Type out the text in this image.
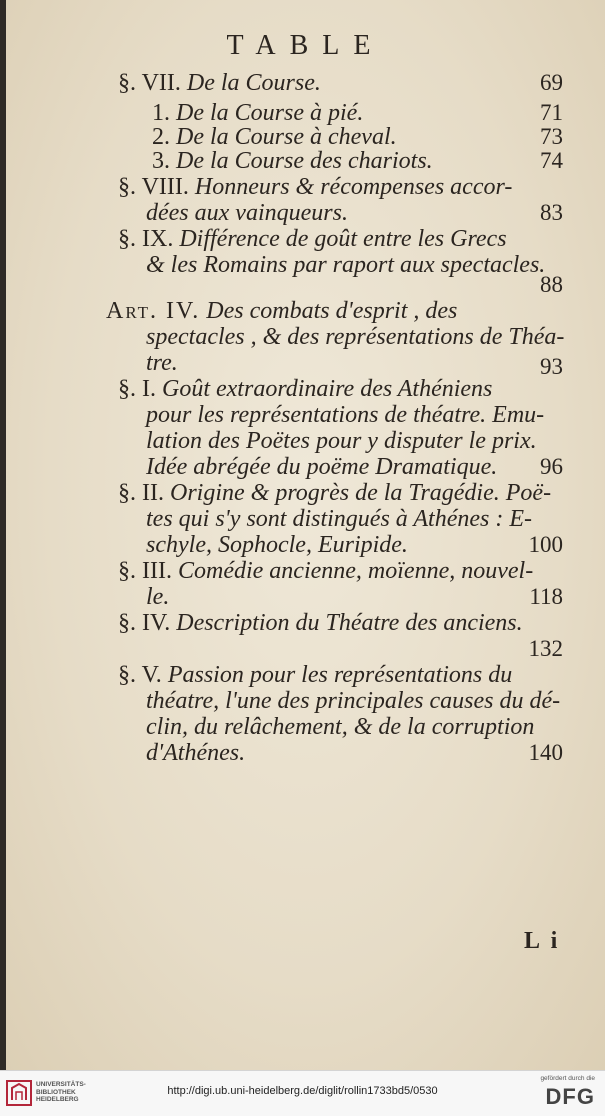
TABLE
§. VII. De la Course.	69
1. De la Course à pié.	71
2. De la Course à cheval.	73
3. De la Course des chariots.	74
§. VIII. Honneurs & récompenses accor-
dées aux vainqueurs.	83
§. IX. Différence de goût entre les Grecs
& les Romains par raport aux spectacles.
88
Art. IV. Des combats d'esprit , des
spectacles , & des représentations de Théa-
tre.	93
§. I. Goût extraordinaire des Athéniens
pour les représentations de théatre. Emu-
lation des Poëtes pour y disputer le prix.
Idée abrégée du poëme Dramatique. 96
§. II. Origine & progrès de la Tragédie. Poë-
tes qui s'y sont distingués à Athénes : E-
schyle, Sophocle, Euripide.	100
§. III. Comédie ancienne, moïenne, nouvel-
le.	118
§. IV. Description du Théatre des anciens.
132
§. V. Passion pour les représentations du
théatre, l'une des principales causes du dé-
clin, du relâchement, & de la corruption
d'Athénes.	140
L i
UNIVERSITÄTS- BIBLIOTHEK HEIDELBERG
http://digi.ub.uni-heidelberg.de/diglit/rollin1733bd5/0530
gefördert durch die
DFG
